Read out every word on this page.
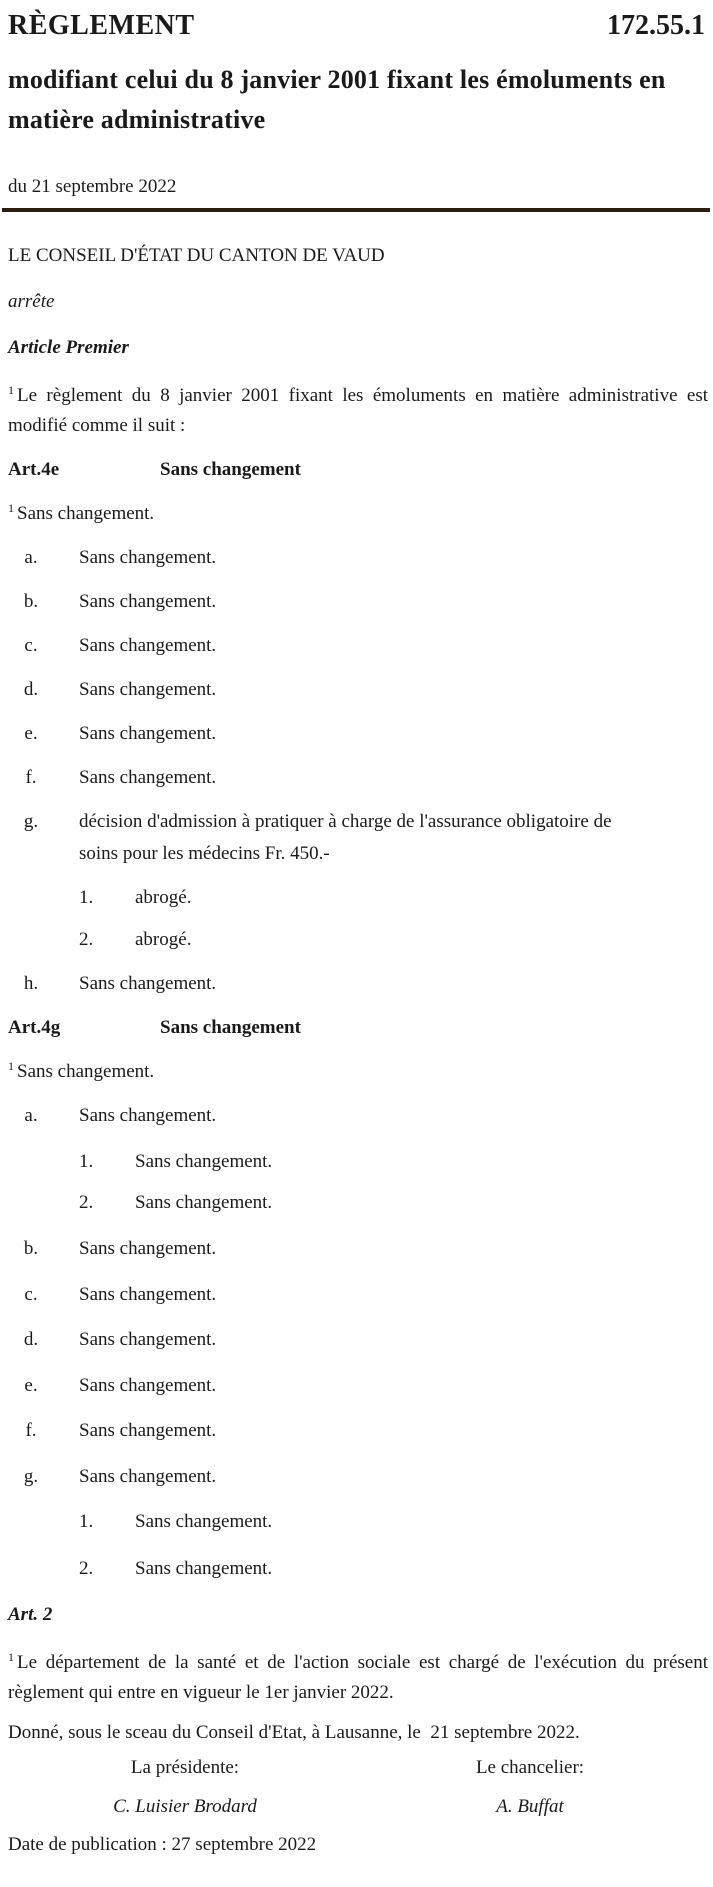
RÈGLEMENT	172.55.1
modifiant celui du 8 janvier 2001 fixant les émoluments en matière administrative
du 21 septembre 2022
LE CONSEIL D'ÉTAT DU CANTON DE VAUD
arrête
Article Premier
$^1$ Le règlement du 8 janvier 2001 fixant les émoluments en matière administrative est modifié comme il suit :
Art.4e	Sans changement
$^1$ Sans changement.
a.	Sans changement.
b.	Sans changement.
c.	Sans changement.
d.	Sans changement.
e.	Sans changement.
f.	Sans changement.
g.	décision d'admission à pratiquer à charge de l'assurance obligatoire de
soins pour les médecins Fr. 450.-
1. abrogé.
2. abrogé.
h.	Sans changement.
Art.4g	Sans changement
$^1$ Sans changement.
a.	Sans changement.
1. Sans changement.
2. Sans changement.
b.	Sans changement.
c.	Sans changement.
d.	Sans changement.
e.	Sans changement.
f.	Sans changement.
g.	Sans changement.
1. Sans changement.
2. Sans changement.
Art. 2
$^1$ Le département de la santé et de l'action sociale est chargé de l'exécution du présent règlement qui entre en vigueur le 1er janvier 2022.
Donné, sous le sceau du Conseil d'Etat, à Lausanne, le  21 septembre 2022.
La présidente:
C. Luisier Brodard
Le chancelier:
A. Buffat
Date de publication : 27 septembre 2022
